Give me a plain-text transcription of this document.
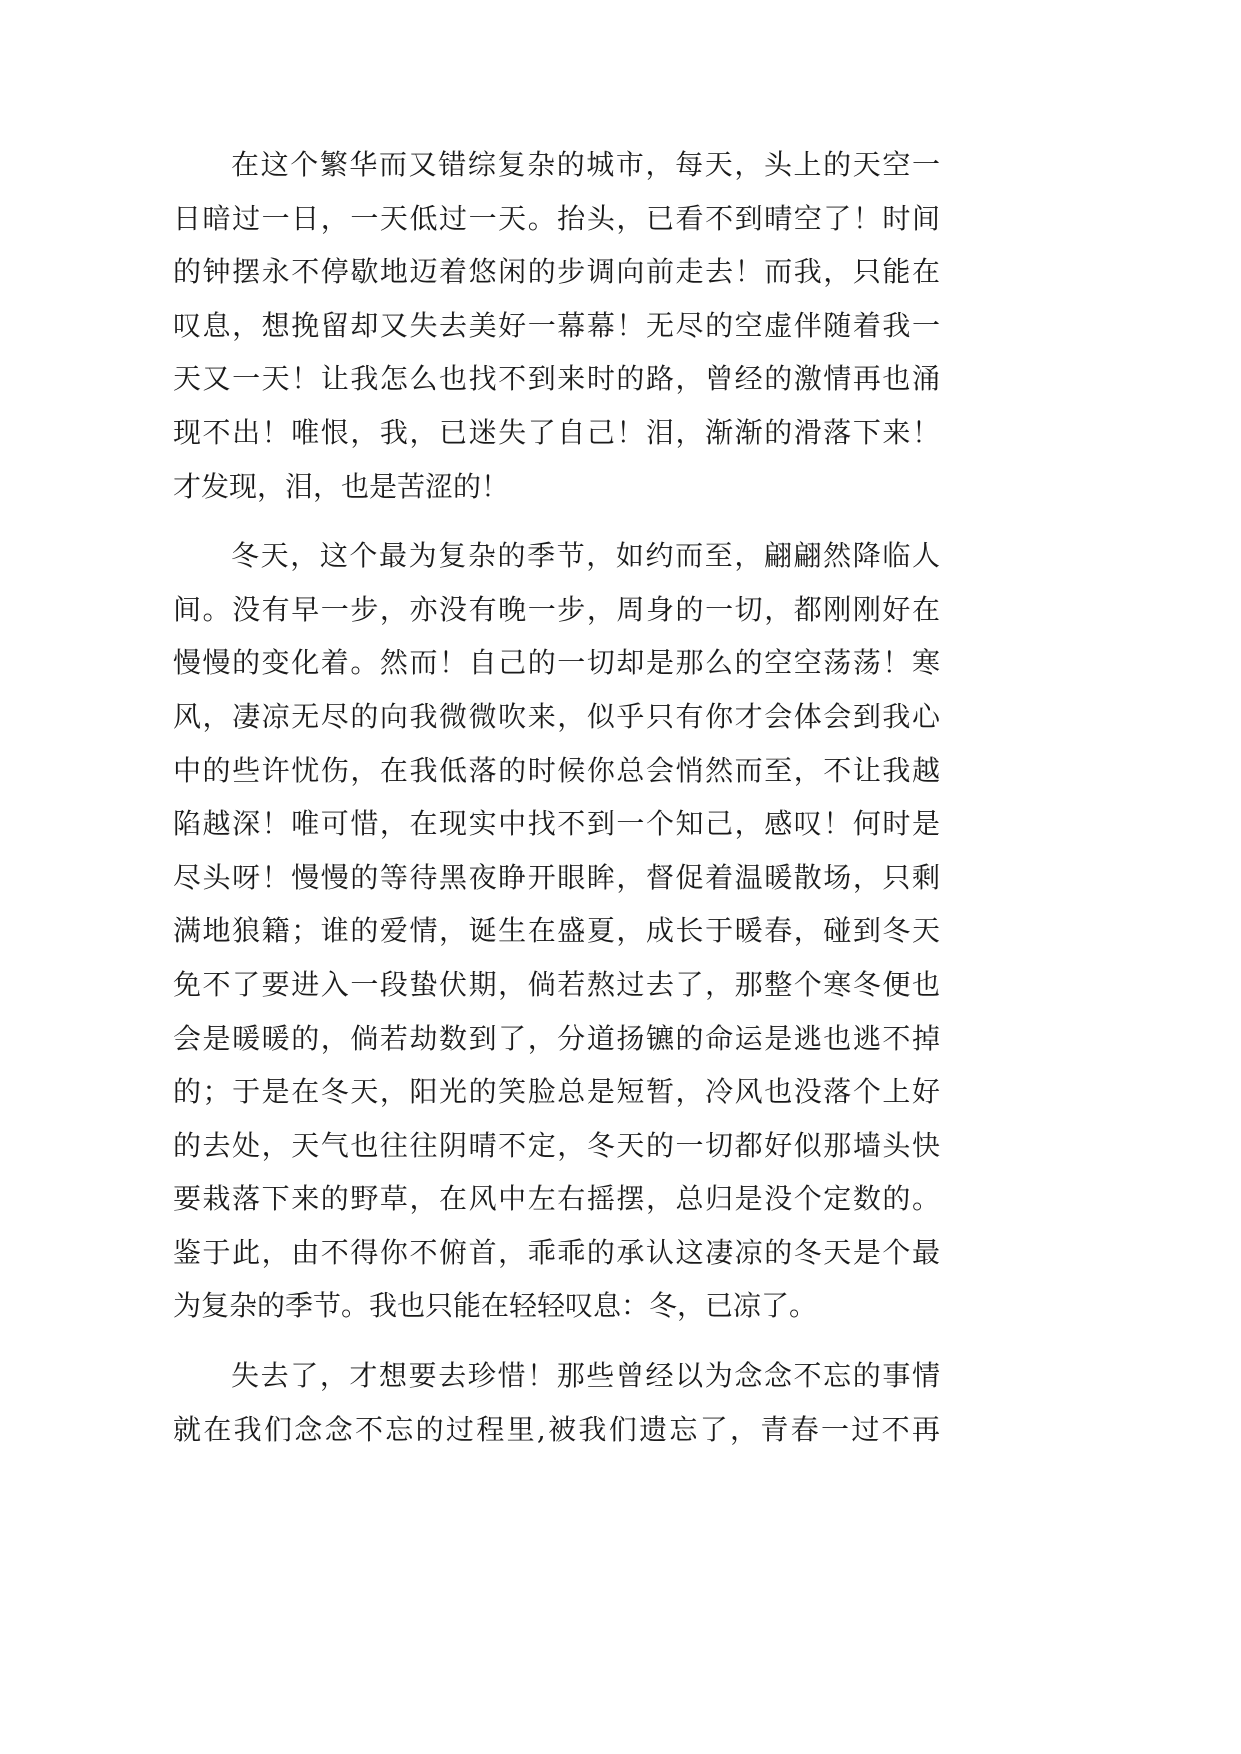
在这个繁华而又错综复杂的城市，每天，头上的天空一
日暗过一日，一天低过一天。抬头，已看不到晴空了！时间
的钟摆永不停歇地迈着悠闲的步调向前走去！而我，只能在
叹息，想挽留却又失去美好一幕幕！无尽的空虚伴随着我一
天又一天！让我怎么也找不到来时的路，曾经的激情再也涌
现不出！唯恨，我，已迷失了自己！泪，渐渐的滑落下来！
才发现，泪，也是苦涩的！
冬天，这个最为复杂的季节，如约而至，翩翩然降临人
间。没有早一步，亦没有晚一步，周身的一切，都刚刚好在
慢慢的变化着。然而！自己的一切却是那么的空空荡荡！寒
风，凄凉无尽的向我微微吹来，似乎只有你才会体会到我心
中的些许忧伤，在我低落的时候你总会悄然而至，不让我越
陷越深！唯可惜，在现实中找不到一个知己，感叹！何时是
尽头呀！慢慢的等待黑夜睁开眼眸，督促着温暖散场，只剩
满地狼籍；谁的爱情，诞生在盛夏，成长于暖春，碰到冬天
免不了要进入一段蛰伏期，倘若熬过去了，那整个寒冬便也
会是暖暖的，倘若劫数到了，分道扬镳的命运是逃也逃不掉
的；于是在冬天，阳光的笑脸总是短暂，冷风也没落个上好
的去处，天气也往往阴晴不定，冬天的一切都好似那墙头快
要栽落下来的野草，在风中左右摇摆，总归是没个定数的。
鉴于此，由不得你不俯首，乖乖的承认这凄凉的冬天是个最
为复杂的季节。我也只能在轻轻叹息：冬，已凉了。
失去了，才想要去珍惜！那些曾经以为念念不忘的事情
就在我们念念不忘的过程里,被我们遗忘了，青春一过不再
